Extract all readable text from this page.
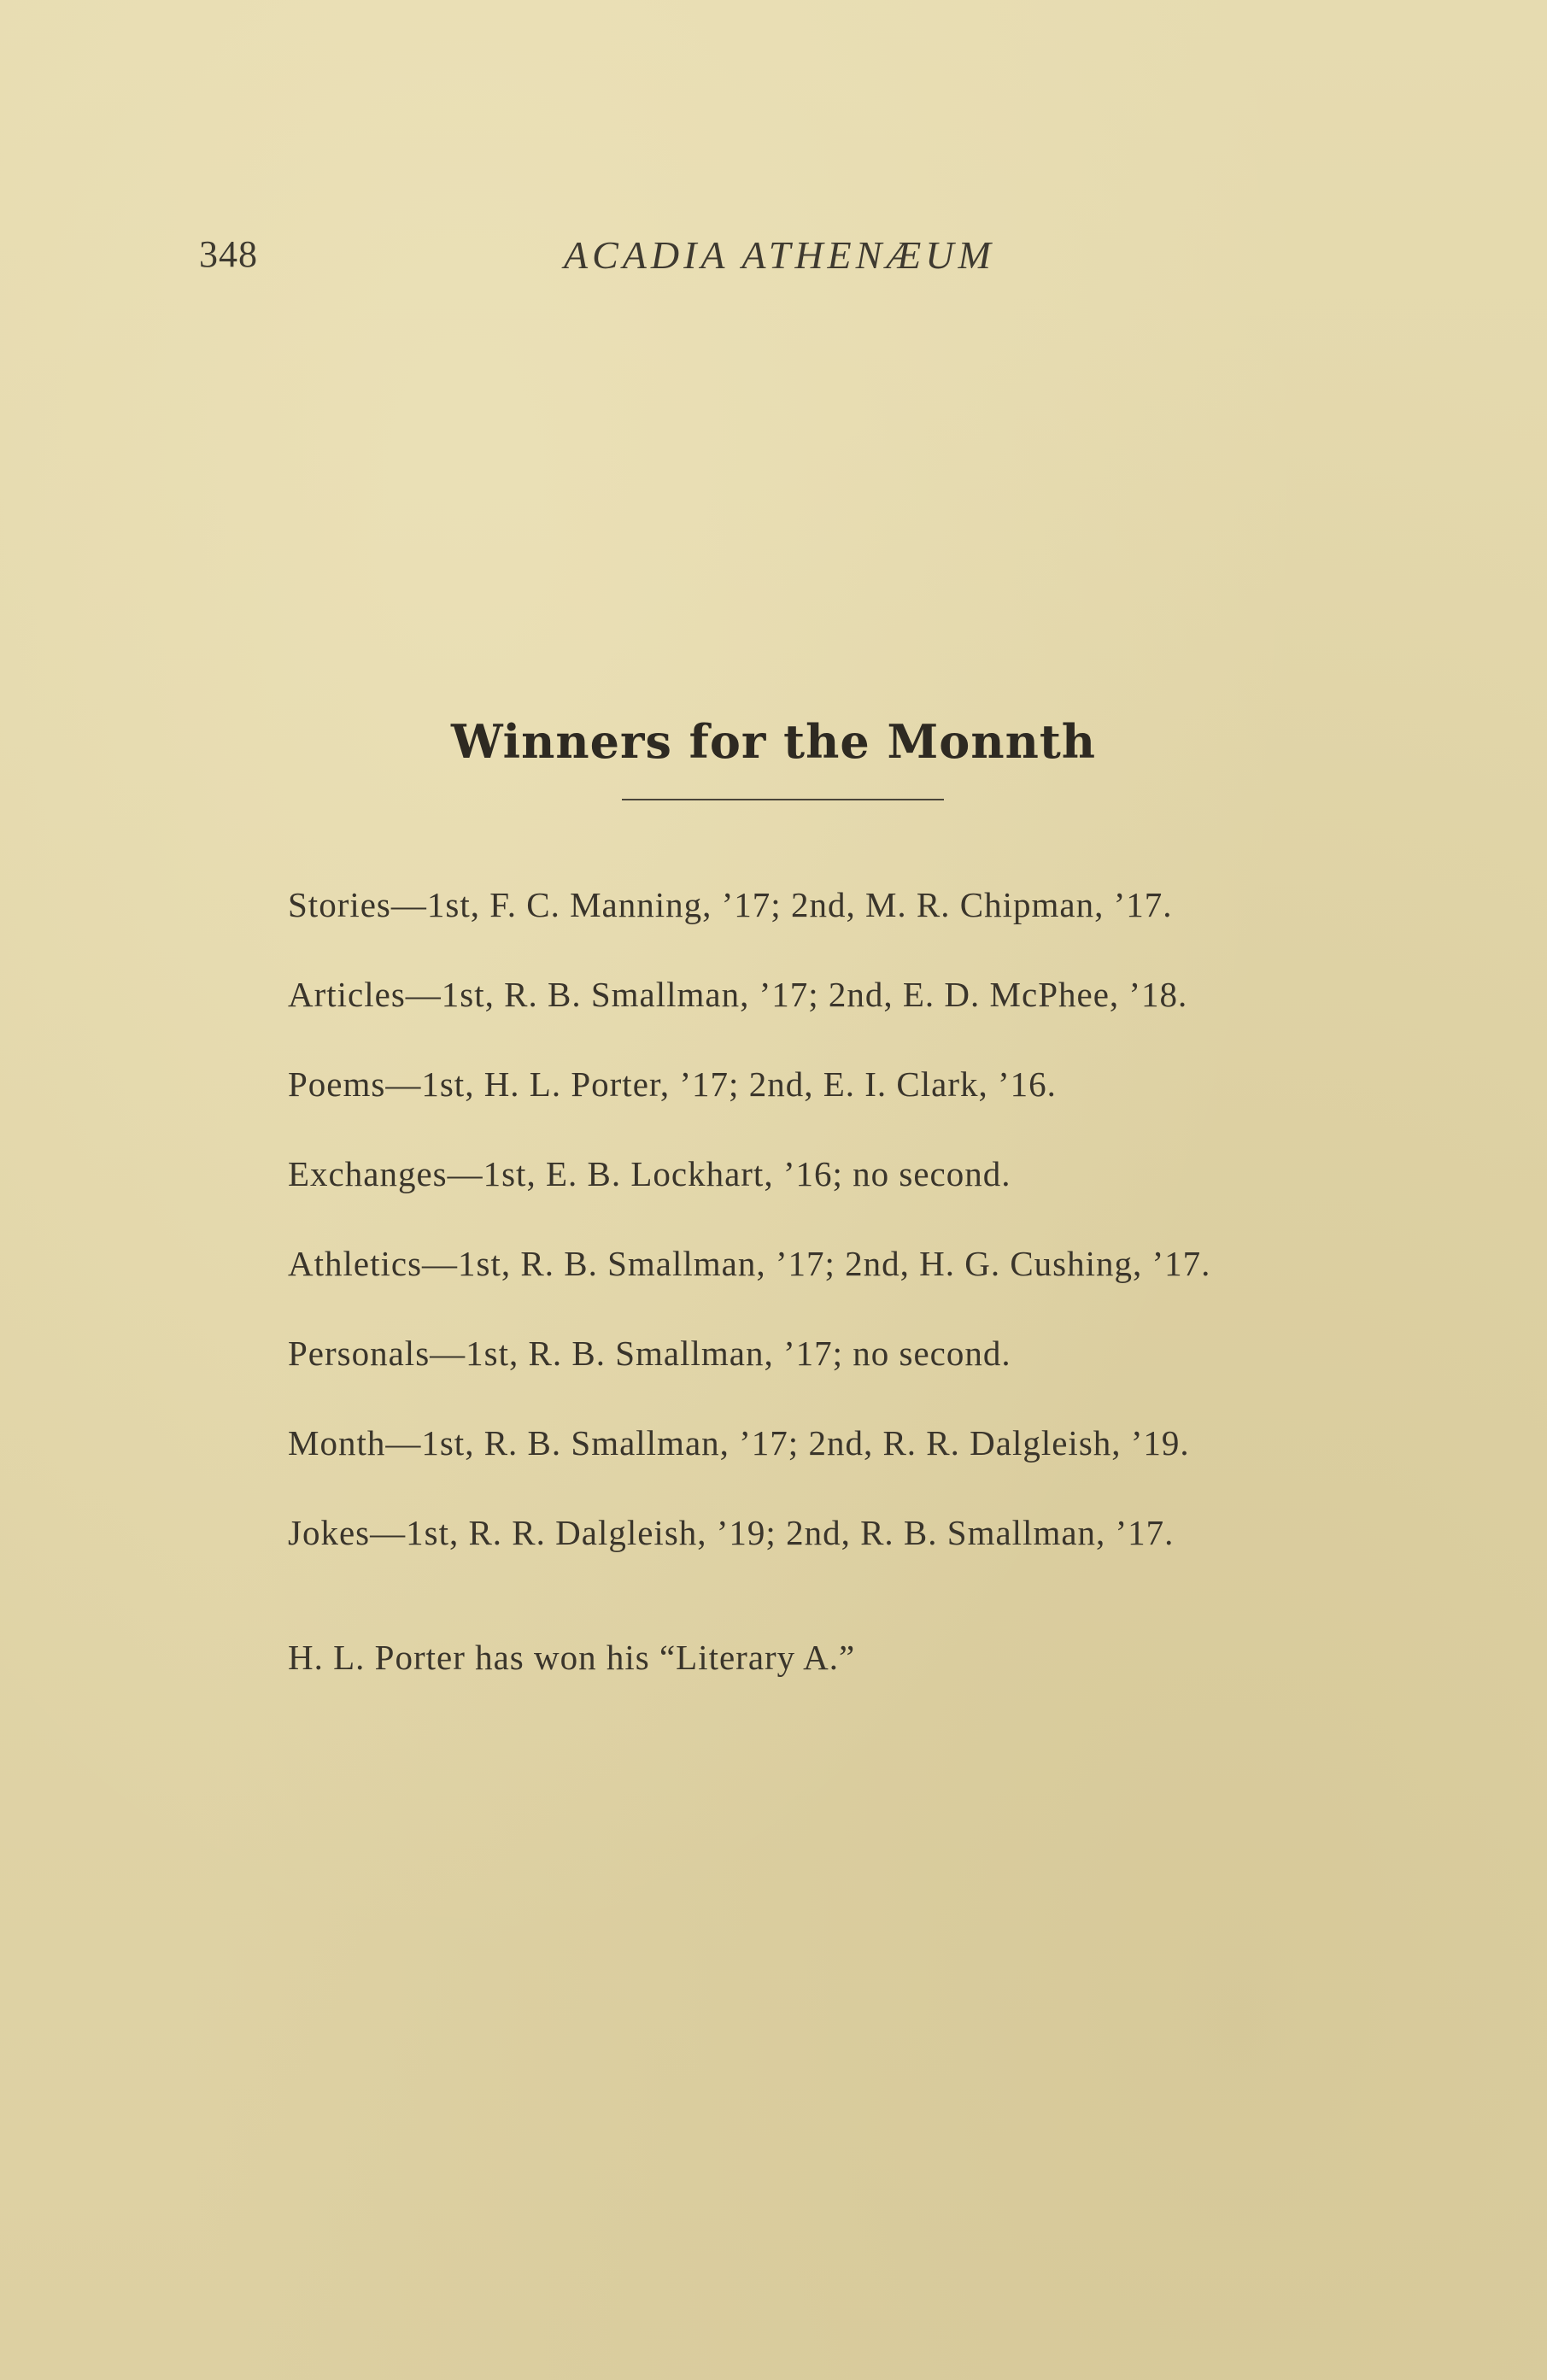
348	ACADIA ATHENÆUM
Winners for the Monnth
Stories—1st, F. C. Manning, ’17; 2nd, M. R. Chipman, ’17.
Articles—1st, R. B. Smallman, ’17; 2nd, E. D. McPhee, ’18.
Poems—1st, H. L. Porter, ’17; 2nd, E. I. Clark, ’16.
Exchanges—1st, E. B. Lockhart, ’16; no second.
Athletics—1st, R. B. Smallman, ’17; 2nd, H. G. Cushing, ’17.
Personals—1st, R. B. Smallman, ’17; no second.
Month—1st, R. B. Smallman, ’17; 2nd, R. R. Dalgleish, ’19.
Jokes—1st, R. R. Dalgleish, ’19; 2nd, R. B. Smallman, ’17.

H. L. Porter has won his “Literary A.”
